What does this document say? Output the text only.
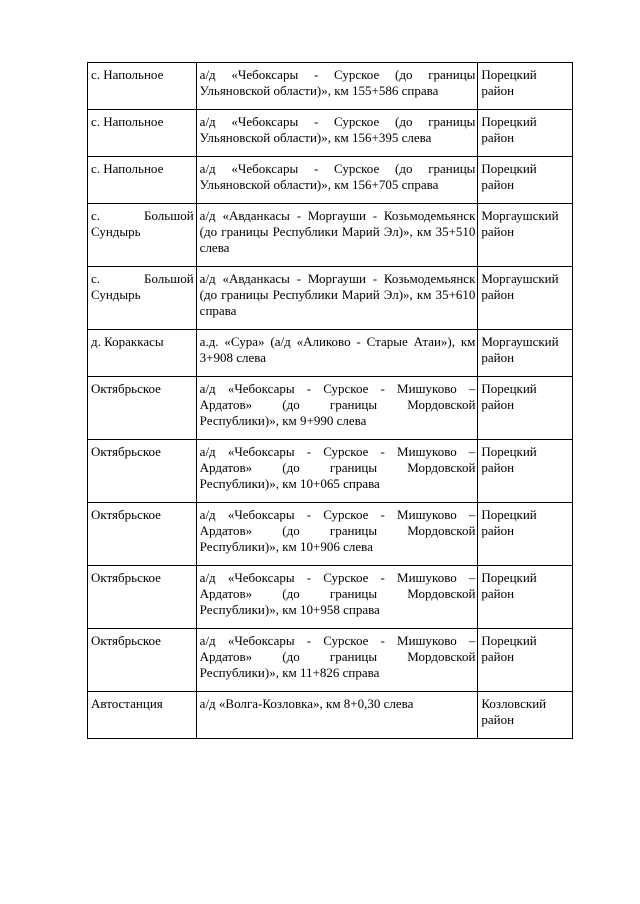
с. Напольное	а/д «Чебоксары - Сурское (до границы Ульяновской области)», км 155+586 справа	Порецкий район
с. Напольное	а/д «Чебоксары - Сурское (до границы Ульяновской области)», км 156+395 слева	Порецкий район
с. Напольное	а/д «Чебоксары - Сурское (до границы Ульяновской области)», км 156+705 справа	Порецкий район
с. Большой Сундырь	а/д «Авданкасы - Моргауши - Козьмодемьянск (до границы Республики Марий Эл)», км 35+510 слева	Моргаушский район
с. Большой Сундырь	а/д «Авданкасы - Моргауши - Козьмодемьянск (до границы Республики Марий Эл)», км 35+610 справа	Моргаушский район
д. Кораккасы	а.д. «Сура» (а/д «Аликово - Старые Атаи»), км 3+908 слева	Моргаушский район
Октябрьское	а/д «Чебоксары - Сурское - Мишуково – Ардатов» (до границы Мордовской Республики)», км 9+990 слева	Порецкий район
Октябрьское	а/д «Чебоксары - Сурское - Мишуково – Ардатов» (до границы Мордовской Республики)», км 10+065 справа	Порецкий район
Октябрьское	а/д «Чебоксары - Сурское - Мишуково – Ардатов» (до границы Мордовской Республики)», км 10+906 слева	Порецкий район
Октябрьское	а/д «Чебоксары - Сурское - Мишуково – Ардатов» (до границы Мордовской Республики)», км 10+958 справа	Порецкий район
Октябрьское	а/д «Чебоксары - Сурское - Мишуково – Ардатов» (до границы Мордовской Республики)», км 11+826 справа	Порецкий район
Автостанция	а/д «Волга-Козловка», км 8+0,30 слева	Козловский район
